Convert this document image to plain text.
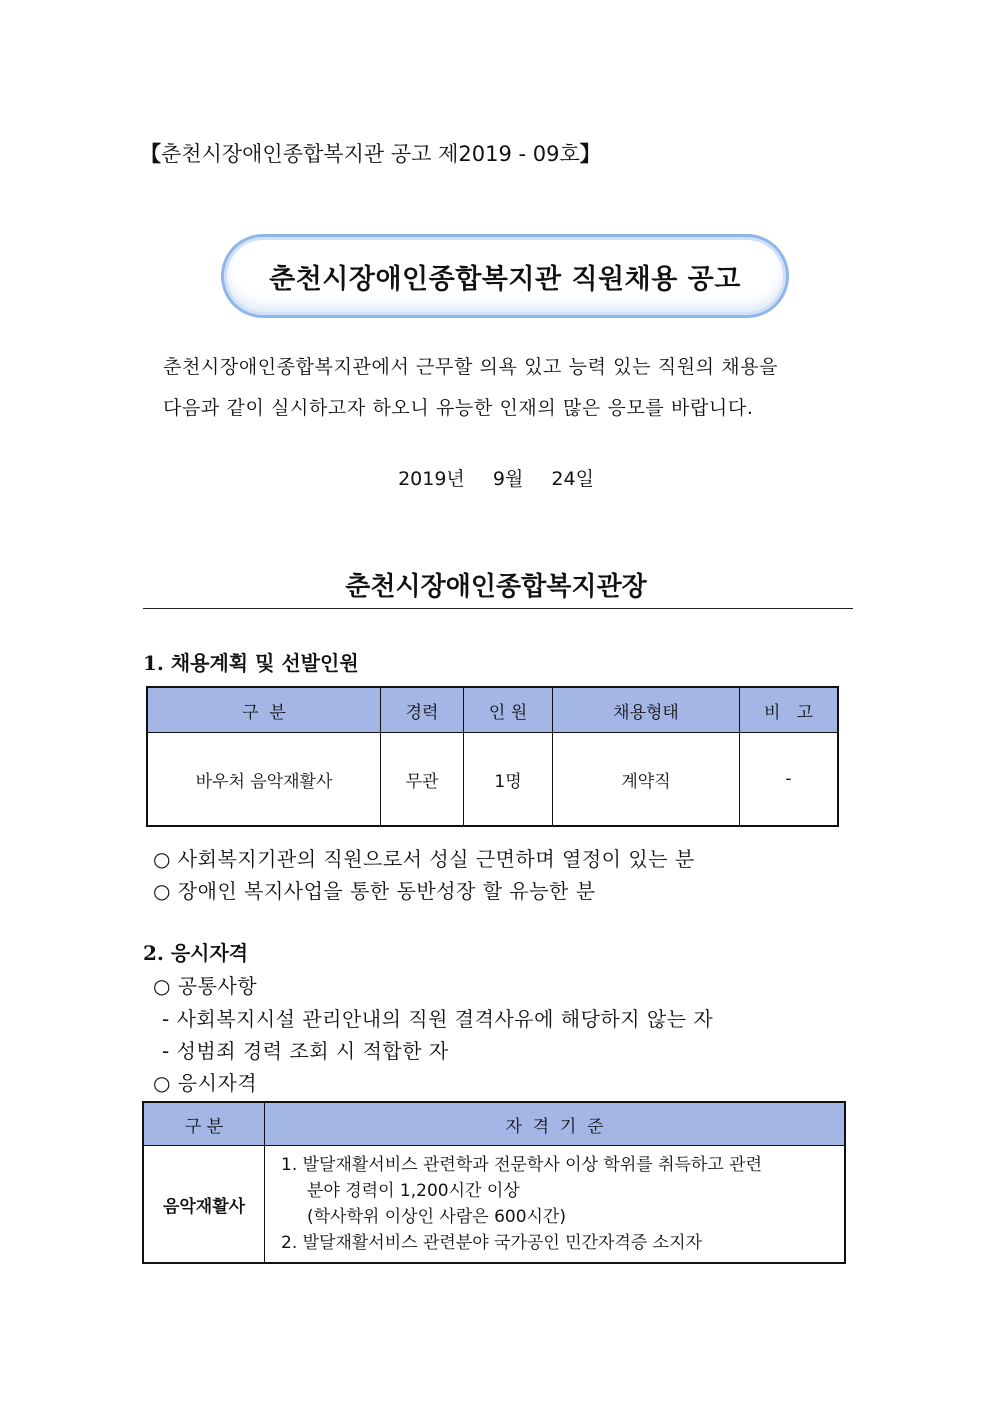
【춘천시장애인종합복지관 공고 제2019 - 09호】
춘천시장애인종합복지관 직원채용 공고
춘천시장애인종합복지관에서 근무할 의욕 있고 능력 있는 직원의 채용을
다음과 같이 실시하고자 하오니 유능한 인재의 많은 응모를 바랍니다.
2019년  9월  24일
춘천시장애인종합복지관장
1. 채용계획 및 선발인원
구  분	경력	인 원	채용형태	비   고
바우처 음악재활사	무관	1명	계약직	-
○ 사회복지기관의 직원으로서 성실 근면하며 열정이 있는 분
○ 장애인 복지사업을 통한 동반성장 할 유능한 분
2. 응시자격
○ 공통사항
- 사회복지시설 관리안내의 직원 결격사유에 해당하지 않는 자
- 성범죄 경력 조회 시 적합한 자
○ 응시자격
구 분	자  격  기  준
음악재활사	1. 발달재활서비스 관련학과 전문학사 이상 학위를 취득하고 관련
분야 경력이 1,200시간 이상
(학사학위 이상인 사람은 600시간)
2. 발달재활서비스 관련분야 국가공인 민간자격증 소지자
